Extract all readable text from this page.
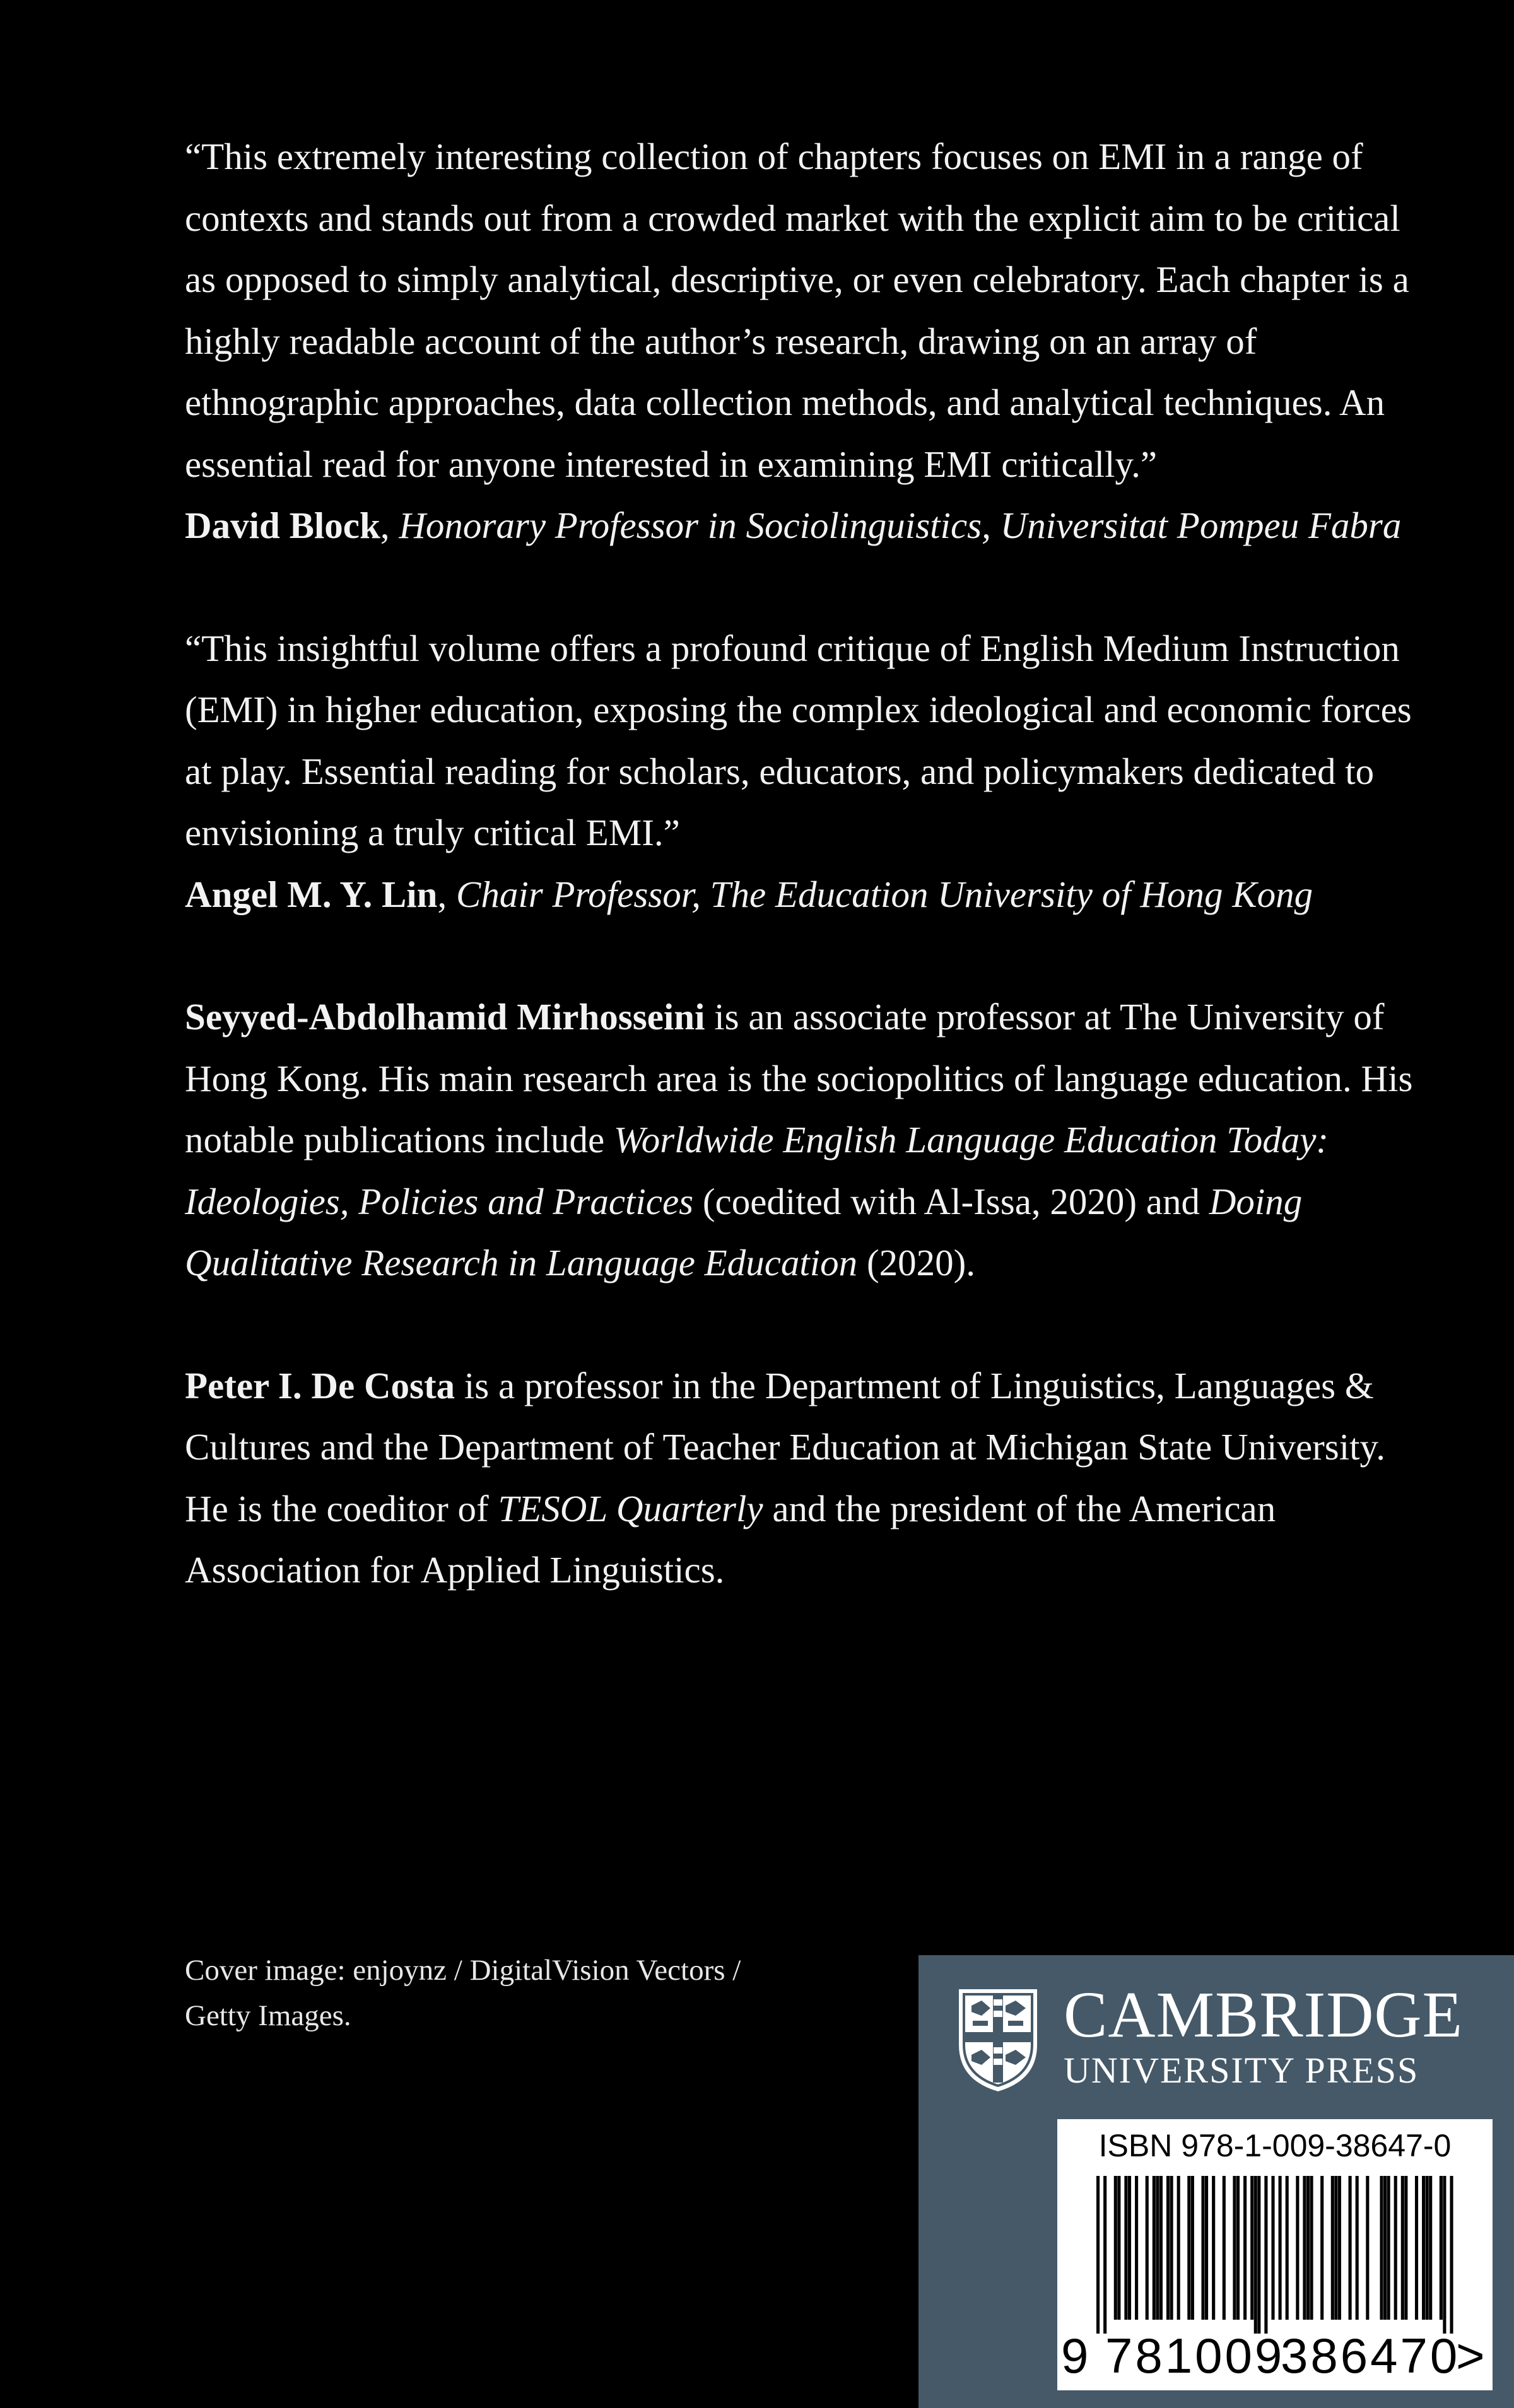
“This extremely interesting collection of chapters focuses on EMI in a range of contexts and stands out from a crowded market with the explicit aim to be critical as opposed to simply analytical, descriptive, or even celebratory. Each chapter is a highly readable account of the author’s research, drawing on an array of ethnographic approaches, data collection methods, and analytical techniques. An essential read for anyone interested in examining EMI critically.”

David Block, Honorary Professor in Sociolinguistics, Universitat Pompeu Fabra

“This insightful volume offers a profound critique of English Medium Instruction (EMI) in higher education, exposing the complex ideological and economic forces at play. Essential reading for scholars, educators, and policymakers dedicated to envisioning a truly critical EMI.”

Angel M. Y. Lin, Chair Professor, The Education University of Hong Kong

Seyyed-Abdolhamid Mirhosseini is an associate professor at The University of Hong Kong. His main research area is the sociopolitics of language education. His notable publications include Worldwide English Language Education Today: Ideologies, Policies and Practices (coedited with Al-Issa, 2020) and Doing Qualitative Research in Language Education (2020).

Peter I. De Costa is a professor in the Department of Linguistics, Languages & Cultures and the Department of Teacher Education at Michigan State University. He is the coeditor of TESOL Quarterly and the president of the American Association for Applied Linguistics.

Cover image: enjoynz / DigitalVision Vectors /
Getty Images.	CAMBRIDGE
UNIVERSITY PRESS
ISBN 978-1-009-38647-0
9 781009
386470
>
